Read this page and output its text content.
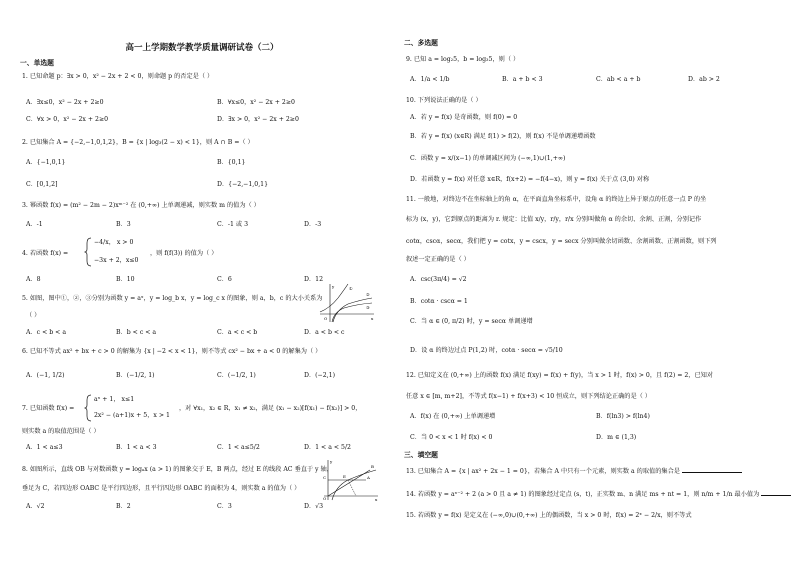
高一上学期数学教学质量调研试卷（二）
一、单选题
1. 已知命题 p：∃x > 0，x² − 2x + 2 < 0，则命题 p 的否定是（ ）
A．∃x≤0，x² − 2x + 2≥0	B．∀x≤0，x² − 2x + 2≥0
C．∀x > 0，x² − 2x + 2≥0	D．∃x > 0，x² − 2x + 2≥0
2. 已知集合 A = {−2,−1,0,1,2}，B = {x | log₃(2 − x) < 1}，则 A ∩ B =（ ）
A．{−1,0,1}	B．{0,1}
C．[0,1,2]	D．{−2,−1,0,1}
3. 幂函数 f(x) = (m² − 2m − 2)xᵐ⁻² 在 (0,+∞) 上单调递减，则实数 m 的值为（ ）
A．-1	B．3	C．-1 或 3	D．-3
4. 若函数 f(x) =
−4/x， x > 0
−3x + 2，x≤0
，则 f(f(3)) 的值为（ ）
A．8	B．10	C．6	D．12
5. 如图，图中①，②，③分别为函数 y = aˣ，y = log_b x，y = log_c x 的图象，则 a，b，c 的大小关系为
（ ）
A．c < b < a	B．b < c < a	C．a < c < b	D．a < b < c
6. 已知不等式 ax² + bx + c > 0 的解集为 {x | −2 < x < 1}，则不等式 cx² − bx + a < 0 的解集为（ ）
A．(−1, 1/2)	B．(−1/2, 1)	C．(−1/2, 1)	D．(−2,1)
7. 已知函数 f(x) =
aˣ + 1， x≤1
2x² − (a+1)x + 5，x > 1
，对 ∀x₁，x₂ ∈ R，x₁ ≠ x₂，满足 (x₁ − x₂)[f(x₁) − f(x₂)] > 0，
则实数 a 的取值范围是（ ）
A．1 < a≤3	B．1 < a < 3	C．1 < a≤5/2	D．1 < a < 5/2
8. 如图所示，直线 OB 与对数函数 y = logₐx (a > 1) 的图象交于 E，B 两点，经过 E 的线段 AC 垂直于 y 轴，
垂足为 C，若四边形 OABC 是平行四边形，且平行四边形 OABC 的面积为 4，则实数 a 的值为（ ）
A．√2	B．2	C．3	D．√3
O	x
y	①
②
③
O	x
y
C	A
B
E
二、多选题
9. 已知 a = log₂5，b = log₃5，则（ ）
A．1/a < 1/b	B．a + b < 3	C．ab < a + b	D．ab > 2
10. 下列说法正确的是（ ）
A．若 y = f(x) 是奇函数，则 f(0) = 0
B．若 y = f(x) (x∈R) 满足 f(1) > f(2)，则 f(x) 不是单调递增函数
C．函数 y = x/(x−1) 的单调减区间为 (−∞,1)∪(1,+∞)
D．若函数 y = f(x) 对任意 x∈R，f(x+2) = −f(4−x)，则 y = f(x) 关于点 (3,0) 对称
11. 一般地，对终边不在坐标轴上的角 α，在平面直角坐标系中，设角 α 的终边上异于原点的任意一点 P 的坐
标为 (x，y)，它到原点的距离为 r. 规定：比值 x/y，r/y，r/x 分别叫做角 α 的余切、余割、正割，分别记作
cotα，cscα，secα，我们把 y = cotx，y = cscx，y = secx 分别叫做余切函数、余割函数、正割函数，则下列
叙述一定正确的是（ ）
A．csc(3π/4) = √2
B．cotα · cscα = 1
C．当 α ∈ (0, π/2) 时，y = secα 单调递增
D．设 α 的终边过点 P(1,2) 时，cotα · secα = √5/10
12. 已知定义在 (0,+∞) 上的函数 f(x) 满足 f(xy) = f(x) + f(y)，当 x > 1 时，f(x) > 0，且 f(2) = 2，已知对
任意 x ∈ [m, m+2]，不等式 f(x−1) + f(x+3) < 10 恒成立，则下列结论正确的是（ ）
A．f(x) 在 (0,+∞) 上单调递增	B．f(ln3) > f(ln4)
C．当 0 < x < 1 时 f(x) < 0	D．m ∈ (1,3)
三、填空题
13. 已知集合 A = {x | ax² + 2x − 1 = 0}，若集合 A 中只有一个元素，则实数 a 的取值的集合是
14. 若函数 y = aˣ⁻² + 2 (a > 0 且 a ≠ 1) 的图象经过定点 (s，t)，正实数 m、n 满足 ms + nt = 1，则 n/m + 1/n 最小值为
15. 若函数 y = f(x) 是定义在 (−∞,0)∪(0,+∞) 上的偶函数，当 x > 0 时，f(x) = 2ˣ − 2/x，则不等式
